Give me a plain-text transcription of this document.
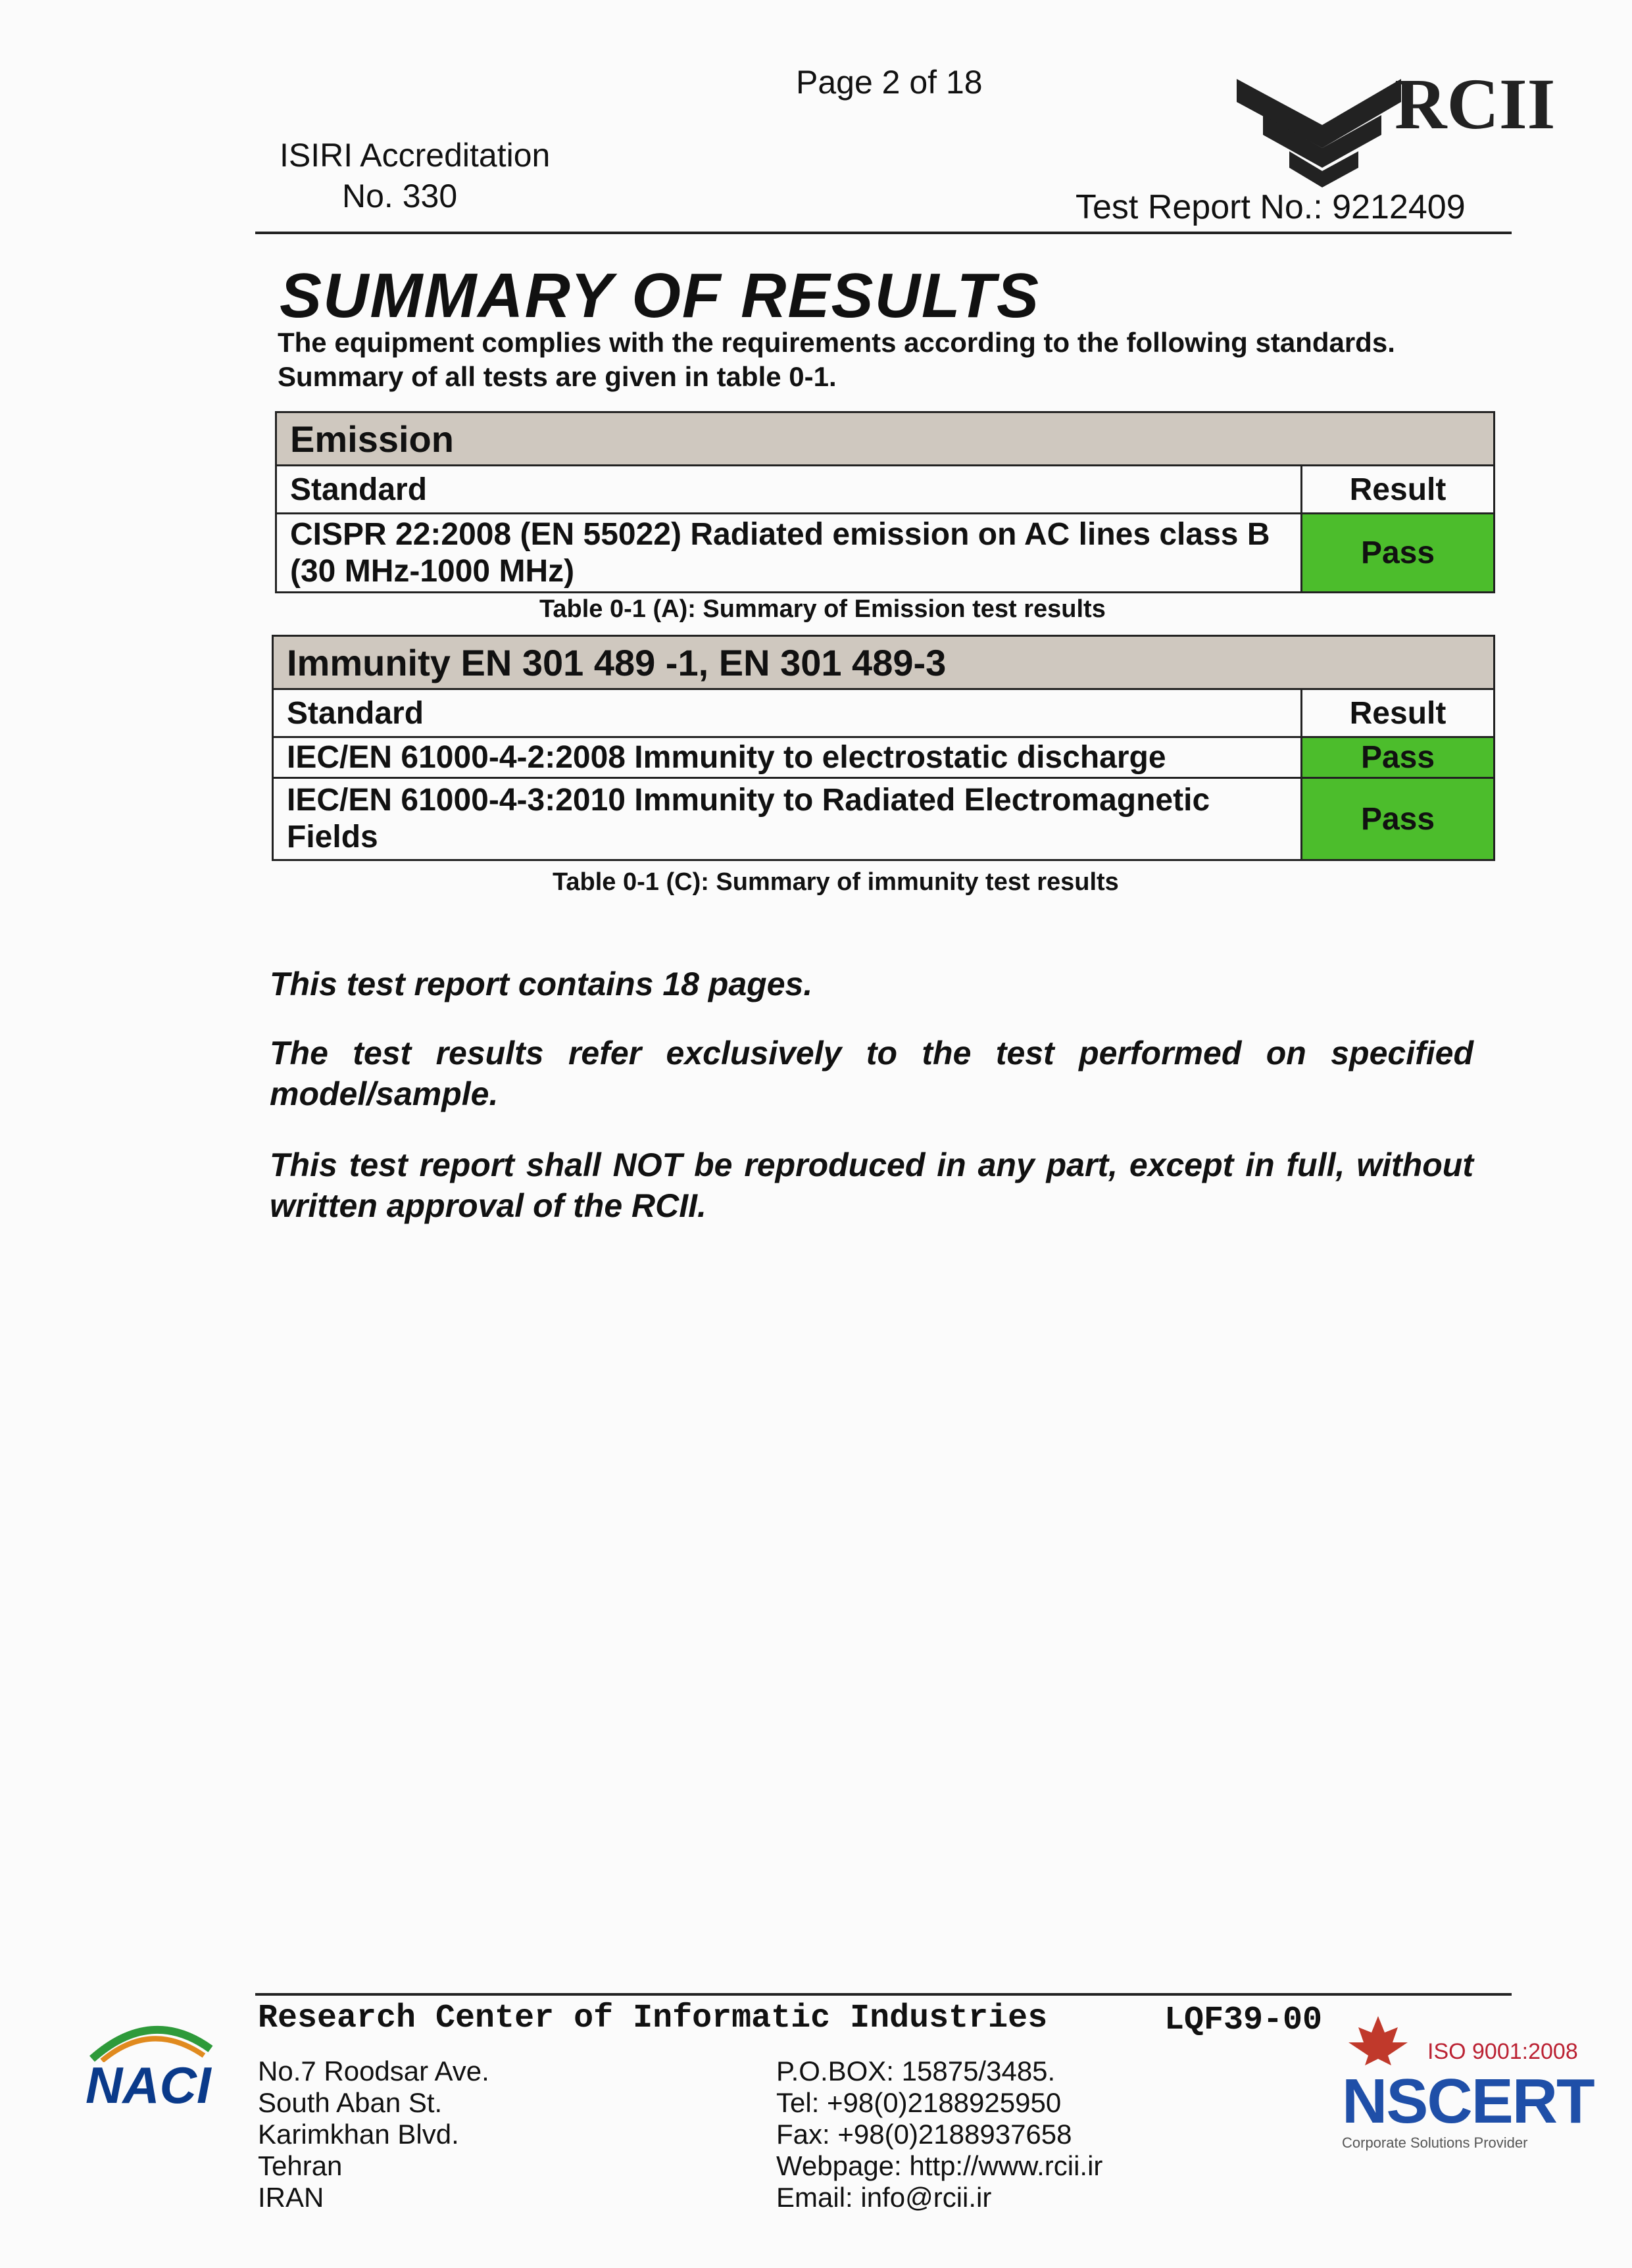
Page 2 of 18
ISIRI Accreditation
No. 330
RCII
Test Report No.: 9212409
SUMMARY OF RESULTS
The equipment complies with the requirements according to the following standards.
Summary of all tests are given in table 0-1.
Emission	
Standard	Result
CISPR 22:2008 (EN 55022) Radiated emission on AC lines class B (30 MHz-1000 MHz)	Pass
Table 0-1 (A): Summary of Emission test results
Immunity EN 301 489 -1, EN 301 489-3	
Standard	Result
IEC/EN 61000-4-2:2008 Immunity to electrostatic discharge	Pass
IEC/EN 61000-4-3:2010 Immunity to Radiated Electromagnetic Fields	Pass
Table 0-1 (C): Summary of immunity test results
This test report contains 18 pages.
The test results refer exclusively to the test performed on specified model/sample.
This test report shall NOT be reproduced in any part, except in full, without written approval of the RCII.
Research Center of Informatic Industries	LQF39-00
NACI No.7 Roodsar Ave.
South Aban St.
Karimkhan Blvd.
Tehran
IRAN
P.O.BOX: 15875/3485.
Tel: +98(0)2188925950
Fax: +98(0)2188937658
Webpage: http://www.rcii.ir
Email: info@rcii.ir
ISO 9001:2008
NSCERT
Corporate Solutions Provider
